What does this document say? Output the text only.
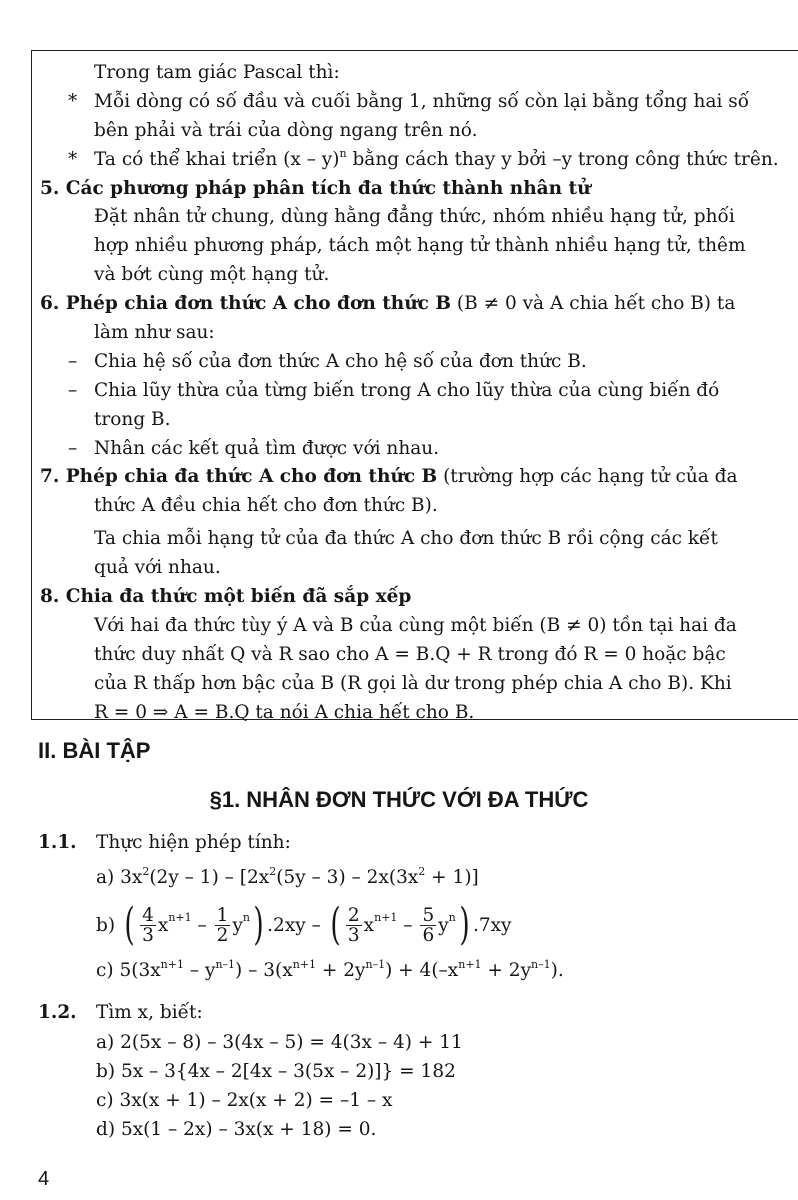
Trong tam giác Pascal thì:
* Mỗi dòng có số đầu và cuối bằng 1, những số còn lại bằng tổng hai số
bên phải và trái của dòng ngang trên nó.
* Ta có thể khai triển (x – y)$^n$ bằng cách thay y bởi –y trong công thức trên.
5. Các phương pháp phân tích đa thức thành nhân tử
Đặt nhân tử chung, dùng hằng đẳng thức, nhóm nhiều hạng tử, phối
hợp nhiều phương pháp, tách một hạng tử thành nhiều hạng tử, thêm
và bớt cùng một hạng tử.
6. Phép chia đơn thức A cho đơn thức B (B ≠ 0 và A chia hết cho B) ta
làm như sau:
– Chia hệ số của đơn thức A cho hệ số của đơn thức B.
– Chia lũy thừa của từng biến trong A cho lũy thừa của cùng biến đó
trong B.
– Nhân các kết quả tìm được với nhau.
7. Phép chia đa thức A cho đơn thức B (trường hợp các hạng tử của đa
thức A đều chia hết cho đơn thức B).
Ta chia mỗi hạng tử của đa thức A cho đơn thức B rồi cộng các kết
quả với nhau.
8. Chia đa thức một biến đã sắp xếp
Với hai đa thức tùy ý A và B của cùng một biến (B ≠ 0) tồn tại hai đa
thức duy nhất Q và R sao cho A = B.Q + R trong đó R = 0 hoặc bậc
của R thấp hơn bậc của B (R gọi là dư trong phép chia A cho B). Khi
R = 0 ⇒ A = B.Q ta nói A chia hết cho B.
II. BÀI TẬP
§1. NHÂN ĐƠN THỨC VỚI ĐA THỨC
1.1. Thực hiện phép tính:
a) $3x^2(2y - 1) - [2x^2(5y - 3) - 2x(3x^2 + 1)]$
b) ( $\frac{4}{3} x^{n+1} - \frac{1}{2} y^n$ ) .2xy – ( $\frac{2}{3} x^{n+1} - \frac{5}{6} y^n$ ) .7xy
c) $5(3x^{n+1} - y^{n-1}) - 3(x^{n+1} + 2y^{n-1}) + 4(-x^{n+1} + 2y^{n-1})$.
1.2. Tìm x, biết:
a) 2(5x – 8) – 3(4x – 5) = 4(3x – 4) + 11
b) 5x – 3{4x – 2[4x – 3(5x – 2)]} = 182
c) 3x(x + 1) – 2x(x + 2) = –1 – x
d) 5x(1 – 2x) – 3x(x + 18) = 0.
4
